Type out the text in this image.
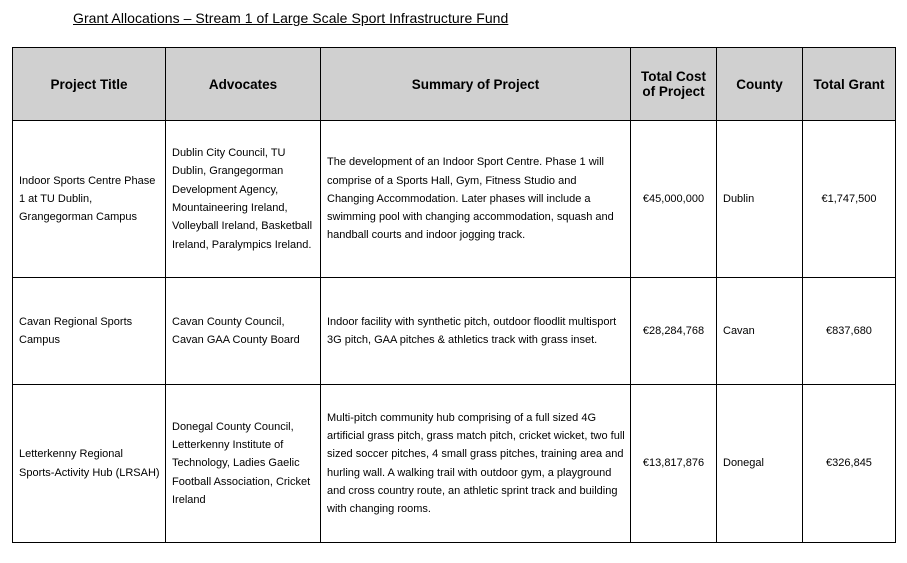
Grant Allocations – Stream 1 of Large Scale Sport Infrastructure Fund
Project Title	Advocates	Summary of Project	Total Cost of Project	County	Total Grant
Indoor Sports Centre Phase 1 at TU Dublin, Grangegorman Campus	Dublin City Council, TU Dublin, Grangegorman Development Agency, Mountaineering Ireland, Volleyball Ireland, Basketball Ireland, Paralympics Ireland.	The development of an Indoor Sport Centre. Phase 1 will comprise of a Sports Hall, Gym, Fitness Studio and Changing Accommodation. Later phases will include a swimming pool with changing accommodation, squash and handball courts and indoor jogging track.	€45,000,000	Dublin	€1,747,500
Cavan Regional Sports Campus	Cavan County Council, Cavan GAA County Board	Indoor facility with synthetic pitch, outdoor floodlit multisport 3G pitch, GAA pitches & athletics track with grass inset.	€28,284,768	Cavan	€837,680
Letterkenny Regional Sports-Activity Hub (LRSAH)	Donegal County Council, Letterkenny Institute of Technology, Ladies Gaelic Football Association, Cricket Ireland	Multi-pitch community hub comprising of a full sized 4G artificial grass pitch, grass match pitch, cricket wicket, two full sized soccer pitches, 4 small grass pitches, training area and hurling wall. A walking trail with outdoor gym, a playground and cross country route, an athletic sprint track and building with changing rooms.	€13,817,876	Donegal	€326,845
